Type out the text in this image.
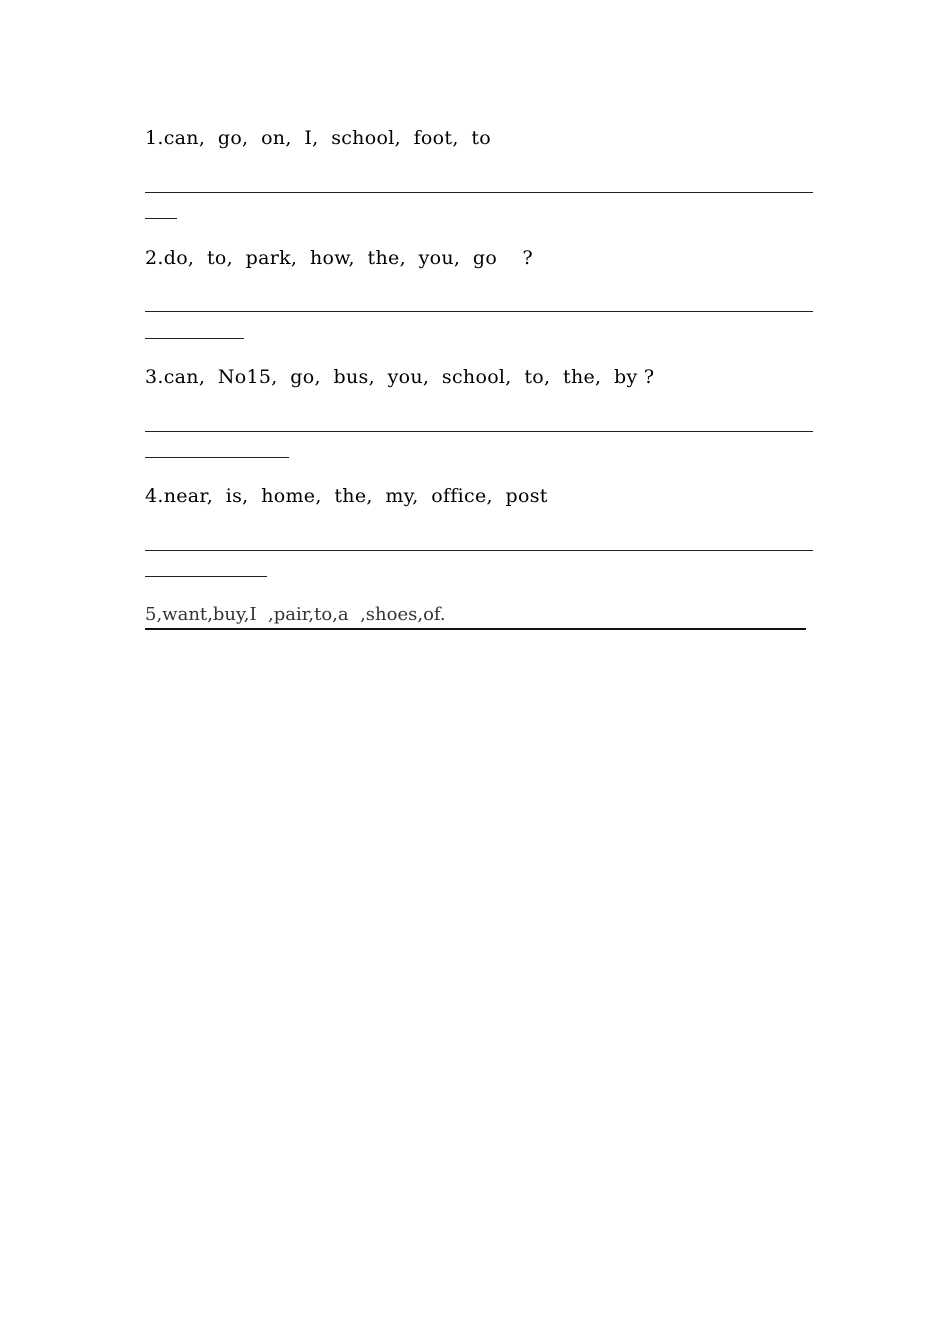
1.can,  go,  on,  I,  school,  foot,  to
2.do,  to,  park,  how,  the,  you,  go    ?
3.can,  No15,  go,  bus,  you,  school,  to,  the,  by ?
4.near,  is,  home,  the,  my,  office,  post
5,want,buy,I  ,pair,to,a  ,shoes,of.
